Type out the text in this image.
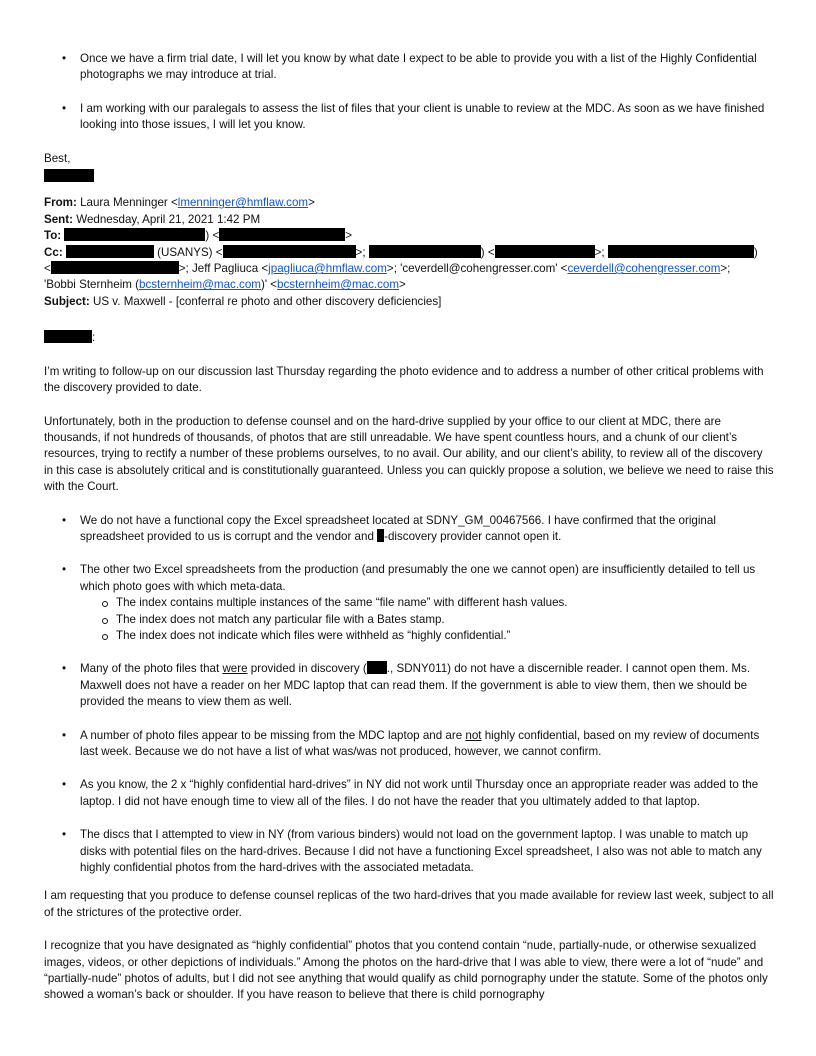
• Once we have a firm trial date, I will let you know by what date I expect to be able to provide you with a list of the Highly Confidential photographs we may introduce at trial.
• I am working with our paralegals to assess the list of files that your client is unable to review at the MDC. As soon as we have finished looking into those issues, I will let you know.
Best,
From: Laura Menninger <lmenninger@hmflaw.com>
Sent: Wednesday, April 21, 2021 1:42 PM
To:	) <	>
Cc:	(USANYS) <	>;	) <	>;	)
<	>; Jeff Pagliuca <jpagliuca@hmflaw.com>; 'ceverdell@cohengresser.com' <ceverdell@cohengresser.com>;
'Bobbi Sternheim (bcsternheim@mac.com)' <bcsternheim@mac.com>
Subject: US v. Maxwell - [conferral re photo and other discovery deficiencies]

:

I’m writing to follow-up on our discussion last Thursday regarding the photo evidence and to address a number of other critical problems with the discovery provided to date.

Unfortunately, both in the production to defense counsel and on the hard-drive supplied by your office to our client at MDC, there are thousands, if not hundreds of thousands, of photos that are still unreadable. We have spent countless hours, and a chunk of our client’s resources, trying to rectify a number of these problems ourselves, to no avail. Our ability, and our client’s ability, to review all of the discovery in this case is absolutely critical and is constitutionally guaranteed. Unless you can quickly propose a solution, we believe we need to raise this with the Court.

• We do not have a functional copy the Excel spreadsheet located at SDNY_GM_00467566. I have confirmed that the original spreadsheet provided to us is corrupt and the vendor and -discovery provider cannot open it.
• The other two Excel spreadsheets from the production (and presumably the one we cannot open) are insufficiently detailed to tell us which photo goes with which meta-data.
The index contains multiple instances of the same “file name” with different hash values.
The index does not match any particular file with a Bates stamp.
The index does not indicate which files were withheld as “highly confidential.”
• Many of the photo files that were provided in discovery ( ., SDNY011) do not have a discernible reader. I cannot open them. Ms. Maxwell does not have a reader on her MDC laptop that can read them. If the government is able to view them, then we should be provided the means to view them as well.
• A number of photo files appear to be missing from the MDC laptop and are not highly confidential, based on my review of documents last week. Because we do not have a list of what was/was not produced, however, we cannot confirm.
• As you know, the 2 x “highly confidential hard-drives” in NY did not work until Thursday once an appropriate reader was added to the laptop. I did not have enough time to view all of the files. I do not have the reader that you ultimately added to that laptop.
• The discs that I attempted to view in NY (from various binders) would not load on the government laptop. I was unable to match up disks with potential files on the hard-drives. Because I did not have a functioning Excel spreadsheet, I also was not able to match any highly confidential photos from the hard-drives with the associated metadata.

I am requesting that you produce to defense counsel replicas of the two hard-drives that you made available for review last week, subject to all of the strictures of the protective order.

I recognize that you have designated as “highly confidential” photos that you contend contain “nude, partially-nude, or otherwise sexualized images, videos, or other depictions of individuals.” Among the photos on the hard-drive that I was able to view, there were a lot of “nude” and “partially-nude” photos of adults, but I did not see anything that would qualify as child pornography under the statute. Some of the photos only showed a woman’s back or shoulder. If you have reason to believe that there is child pornography
